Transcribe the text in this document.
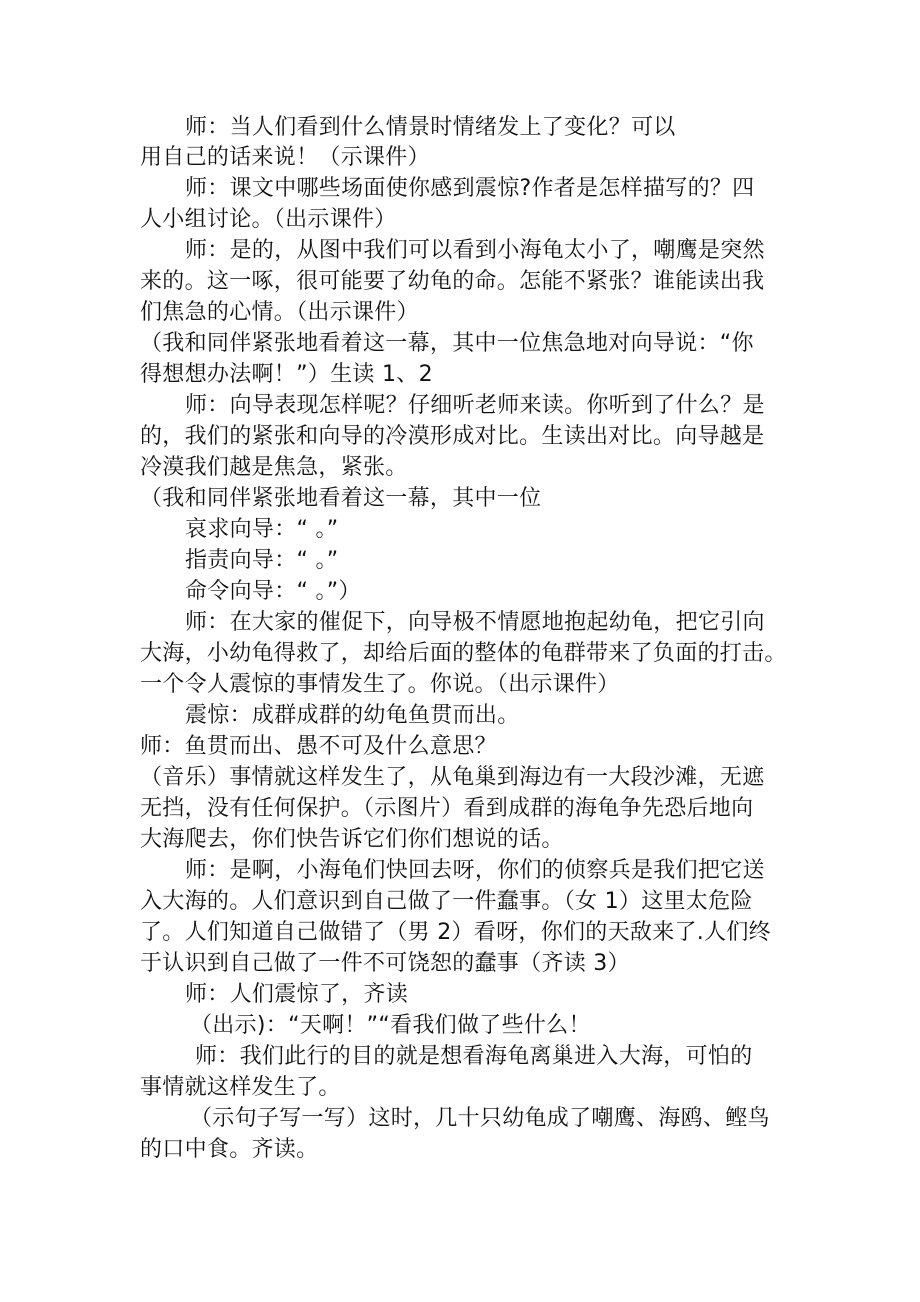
师：当人们看到什么情景时情绪发上了变化？可以
用自己的话来说！（示课件）
师：课文中哪些场面使你感到震惊?作者是怎样描写的？四
人小组讨论。（出示课件）
师：是的，从图中我们可以看到小海龟太小了，嘲鹰是突然
来的。这一啄，很可能要了幼龟的命。怎能不紧张？谁能读出我
们焦急的心情。（出示课件）
（我和同伴紧张地看着这一幕，其中一位焦急地对向导说：“你
得想想办法啊！”）生读 1、2
师：向导表现怎样呢？仔细听老师来读。你听到了什么？是
的，我们的紧张和向导的冷漠形成对比。生读出对比。向导越是
冷漠我们越是焦急，紧张。
（我和同伴紧张地看着这一幕，其中一位
哀求向导：“ 。”
指责向导：“ 。”
命令向导：“ 。”）
师：在大家的催促下，向导极不情愿地抱起幼龟，把它引向
大海，小幼龟得救了，却给后面的整体的龟群带来了负面的打击。
一个令人震惊的事情发生了。你说。（出示课件）
震惊：成群成群的幼龟鱼贯而出。
师：鱼贯而出、愚不可及什么意思？
（音乐）事情就这样发生了，从龟巢到海边有一大段沙滩，无遮
无挡，没有任何保护。（示图片）看到成群的海龟争先恐后地向
大海爬去，你们快告诉它们你们想说的话。
师：是啊，小海龟们快回去呀，你们的侦察兵是我们把它送
入大海的。人们意识到自己做了一件蠢事。（女 1）这里太危险
了。人们知道自己做错了（男 2）看呀，你们的天敌来了.人们终
于认识到自己做了一件不可饶恕的蠢事（齐读 3）
师：人们震惊了，齐读
（出示)：“天啊！”“看我们做了些什么！
师：我们此行的目的就是想看海龟离巢进入大海，可怕的
事情就这样发生了。
（示句子写一写）这时，几十只幼龟成了嘲鹰、海鸥、鲣鸟
的口中食。齐读。
